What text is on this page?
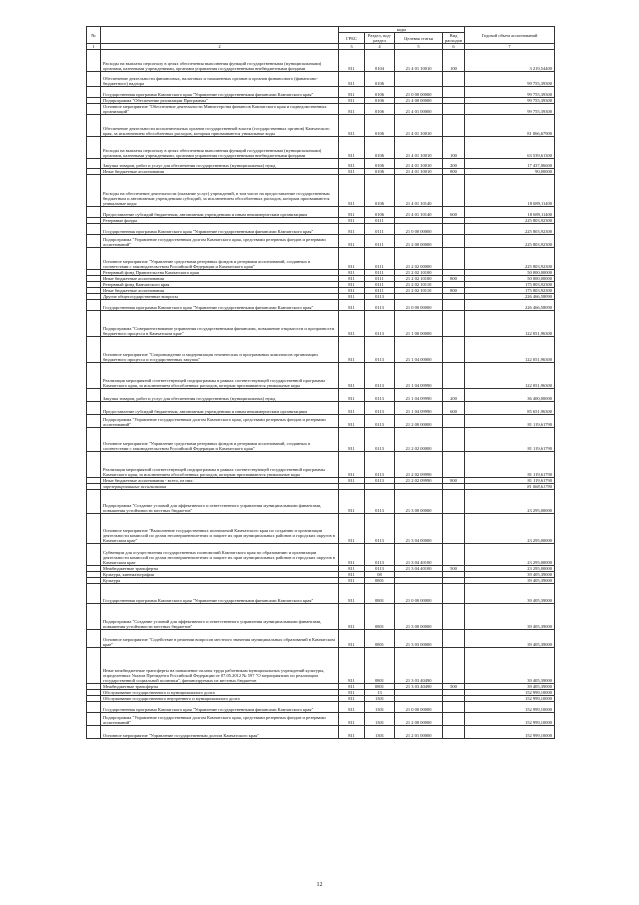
№		коды				Годовой объем ассигнований
		ГРБС	Раздел, под-раздел	Целевая статья	Вид расходов	
1	2	3	4	5	6	7
	Расходы на выплаты персоналу в целях обеспечения выполнения функций государственными (муниципальными) органами, казенными учреждениями, органами управления государственными внебюджетными фондами	811	0104	21 4 01 10010	100	3 219,54400
	Обеспечение деятельности финансовых, налоговых и таможенных органов и органов финансового (финансово-бюджетного) надзора	811	0106			99 755,39300
	Государственная программа Камчатского края "Управление государственными финансами Камчатского края"	811	0106	21 0 00 00000		99 755,39300
	Подпрограмма "Обеспечение реализации Программы"	811	0106	21 4 00 00000		99 755,39300
	Основное мероприятие "Обеспечение деятельности Министерства финансов Камчатского края и подведомственных организаций"	811	0106	21 4 01 00000		99 755,39300
	Обеспечение деятельности исполнительных органов государственной власти (государственных органов) Камчатского края, за исключением обособленных расходов, которым присваиваются уникальные коды	811	0106	21 4 01 10010		81 066,67900
	Расходы на выплаты персоналу в целях обеспечения выполнения функций государственными (муниципальными) органами, казенными учреждениями, органами управления государственными внебюджетными фондами	811	0106	21 4 01 10010	100	63 539,61300
	Закупка товаров, работ и услуг для обеспечения государственных (муниципальных) нужд	811	0106	21 4 01 10010	200	17 437,06600
	Иные бюджетные ассигнования	811	0106	21 4 01 10010	800	90,00000
	Расходы на обеспечение деятельности (оказание услуг) учреждений, в том числе на предоставление государственным бюджетным и автономным учреждениям субсидий, за исключением обособленных расходов, которым присваиваются уникальные коды	811	0106	21 4 01 10140		18 689,11400
	Предоставление субсидий бюджетным, автономным учреждениям и иным некоммерческим организациям	811	0106	21 4 01 10140	600	18 689,11400
	Резервные фонды	811	0111			225 803,92300
	Государственная программа Камчатского края "Управление государственными финансами Камчатского края"	811	0111	21 0 00 00000		225 803,92300
	Подпрограмма "Управление государственным долгом Камчатского края, средствами резервных фондов и резервами ассигнований"	811	0111	21 2 00 00000		225 803,92300
	Основное мероприятие "Управление средствами резервных фондов и резервами ассигнований, созданных в соответствии с законодательством Российской Федерации и Камчатского края"	811	0111	21 2 02 00000		225 803,92300
	Резервный фонд Правительства Камчатского края	811	0111	21 2 02 10100		50 000,00000
	Иные бюджетные ассигнования	811	0111	21 2 02 10100	800	50 000,00000
	Резервный фонд Камчатского края	811	0111	21 2 02 10110		175 803,92300
	Иные бюджетные ассигнования	811	0111	21 2 02 10110	800	175 803,92300
	Другие общегосударственные вопросы	811	0113			226 466,58090
	Государственная программа Камчатского края "Управление государственными финансами Камчатского края"	811	0113	21 0 00 00000		226 466,58090
	Подпрограмма "Совершенствование управления государственными финансами, повышение открытости и прозрачности бюджетного процесса в Камчатском крае"	811	0113	21 1 00 00000		122 051,96300
	Основное мероприятие "Сопровождение и модернизация технических и программных комплексов организации бюджетного процесса и государственных закупок"	811	0113	21 1 04 00000		122 051,96300
	Реализация мероприятий соответствующей подпрограммы в рамках соответствующей государственной программы Камчатского края, за исключением обособленных расходов, которым присваиваются уникальные коды	811	0113	21 1 04 09990		122 051,96300
	Закупка товаров, работ и услуг для обеспечения государственных (муниципальных) нужд	811	0113	21 1 04 09990	200	36 400,00000
	Предоставление субсидий бюджетным, автономным учреждениям и иным некоммерческим организациям	811	0113	21 1 04 09990	600	85 651,96300
	Подпрограмма "Управление государственным долгом Камчатского края, средствами резервных фондов и резервами ассигнований"	811	0113	21 2 00 00000		81 119,61790
	Основное мероприятие "Управление средствами резервных фондов и резервами ассигнований, созданных в соответствии с законодательством Российской Федерации и Камчатского края"	811	0113	21 2 02 00000		81 119,61790
	Реализация мероприятий соответствующей подпрограммы в рамках соответствующей государственной программы Камчатского края, за исключением обособленных расходов, которым присваиваются уникальные коды	811	0113	21 2 02 09990		81 119,61790
	Иные бюджетные ассигнования - всего, из них:	811	0113	21 2 02 09990	800	81 119,61790
	зарезервированные ассигнования					81 068,61790
	Подпрограмма "Создание условий для эффективного и ответственного управления муниципальными финансами, повышения устойчивости местных бюджетов"	811	0113	21 3 00 00000		23 295,00000
	Основное мероприятие "Выполнение государственных полномочий Камчатского края по созданию и организации деятельности комиссий по делам несовершеннолетних и защите их прав муниципальных районов и городских округов в Камчатском крае"	811	0113	21 3 04 00000		23 295,00000
	Субвенции для осуществления государственных полномочий Камчатского края по образованию и организации деятельности комиссий по делам несовершеннолетних и защите их прав муниципальных районов и городских округов в Камчатском крае	811	0113	21 3 04 40100		23 295,00000
	Межбюджетные трансферты	811	0113	21 3 04 40100	500	23 295,00000
	Культура, кинематография	811	08			39 405,39000
	Культура	811	0801			39 405,39000
	Государственная программа Камчатского края "Управление государственными финансами Камчатского края"	811	0801	21 0 00 00000		39 405,39000
	Подпрограмма "Создание условий для эффективного и ответственного управления муниципальными финансами, повышения устойчивости местных бюджетов"	811	0801	21 3 00 00000		39 405,39000
	Основное мероприятие "Содействие в решении вопросов местного значения муниципальных образований в Камчатском крае"	811	0801	21 3 03 00000		39 405,39000
	Иные межбюджетные трансферты на повышение оплаты труда работникам муниципальных учреждений культуры, определенных Указом Президента Российской Федерации от 07.05.2012 № 597 "О мероприятиях по реализации государственной социальной политики", финансируемых из местных бюджетов	811	0801	21 3 03 40490		39 405,39000
	Межбюджетные трансферты	811	0801	21 3 03 40490	500	39 405,39000
	Обслуживание государственного и муниципального долга	811	13			152 999,10000
	Обслуживание государственного внутреннего и муниципального долга	811	1301			152 999,10000
	Государственная программа Камчатского края "Управление государственными финансами Камчатского края"	811	1301	21 0 00 00000		152 999,10000
	Подпрограмма "Управление государственным долгом Камчатского края, средствами резервных фондов и резервами ассигнований"	811	1301	21 2 00 00000		152 999,10000
	Основное мероприятие "Управление государственным долгом Камчатского края"	811	1301	21 2 01 00000		152 999,10000
12
